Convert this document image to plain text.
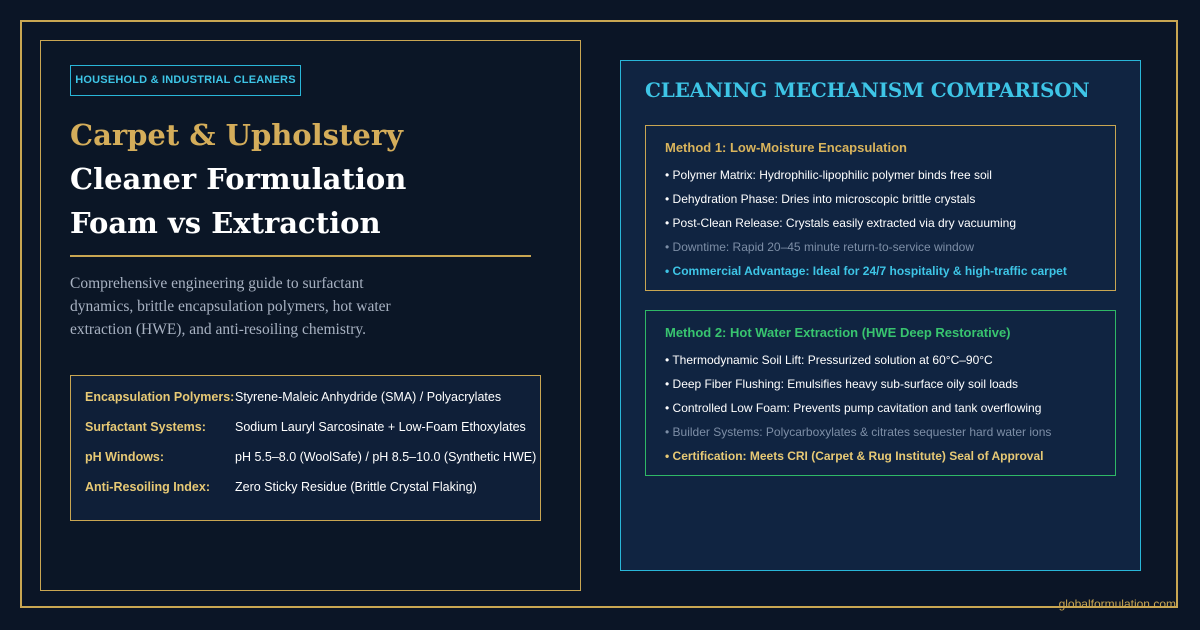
HOUSEHOLD & INDUSTRIAL CLEANERS
Carpet & Upholstery
Cleaner Formulation
Foam vs Extraction

Comprehensive engineering guide to surfactant dynamics, brittle encapsulation polymers, hot water extraction (HWE), and anti-resoiling chemistry.

Encapsulation Polymers: Styrene-Maleic Anhydride (SMA) / Polyacrylates
Surfactant Systems: Sodium Lauryl Sarcosinate + Low-Foam Ethoxylates
pH Windows:	pH 5.5–8.0 (WoolSafe) / pH 8.5–10.0 (Synthetic HWE)
Anti-Resoiling Index: Zero Sticky Residue (Brittle Crystal Flaking)
CLEANING MECHANISM COMPARISON
Method 1: Low-Moisture Encapsulation
• Polymer Matrix: Hydrophilic-lipophilic polymer binds free soil
• Dehydration Phase: Dries into microscopic brittle crystals
• Post-Clean Release: Crystals easily extracted via dry vacuuming
• Downtime: Rapid 20–45 minute return-to-service window
• Commercial Advantage: Ideal for 24/7 hospitality & high-traffic carpet
Method 2: Hot Water Extraction (HWE Deep Restorative)
• Thermodynamic Soil Lift: Pressurized solution at 60°C–90°C
• Deep Fiber Flushing: Emulsifies heavy sub-surface oily soil loads
• Controlled Low Foam: Prevents pump cavitation and tank overflowing
• Builder Systems: Polycarboxylates & citrates sequester hard water ions
• Certification: Meets CRI (Carpet & Rug Institute) Seal of Approval
globalformulation.com
